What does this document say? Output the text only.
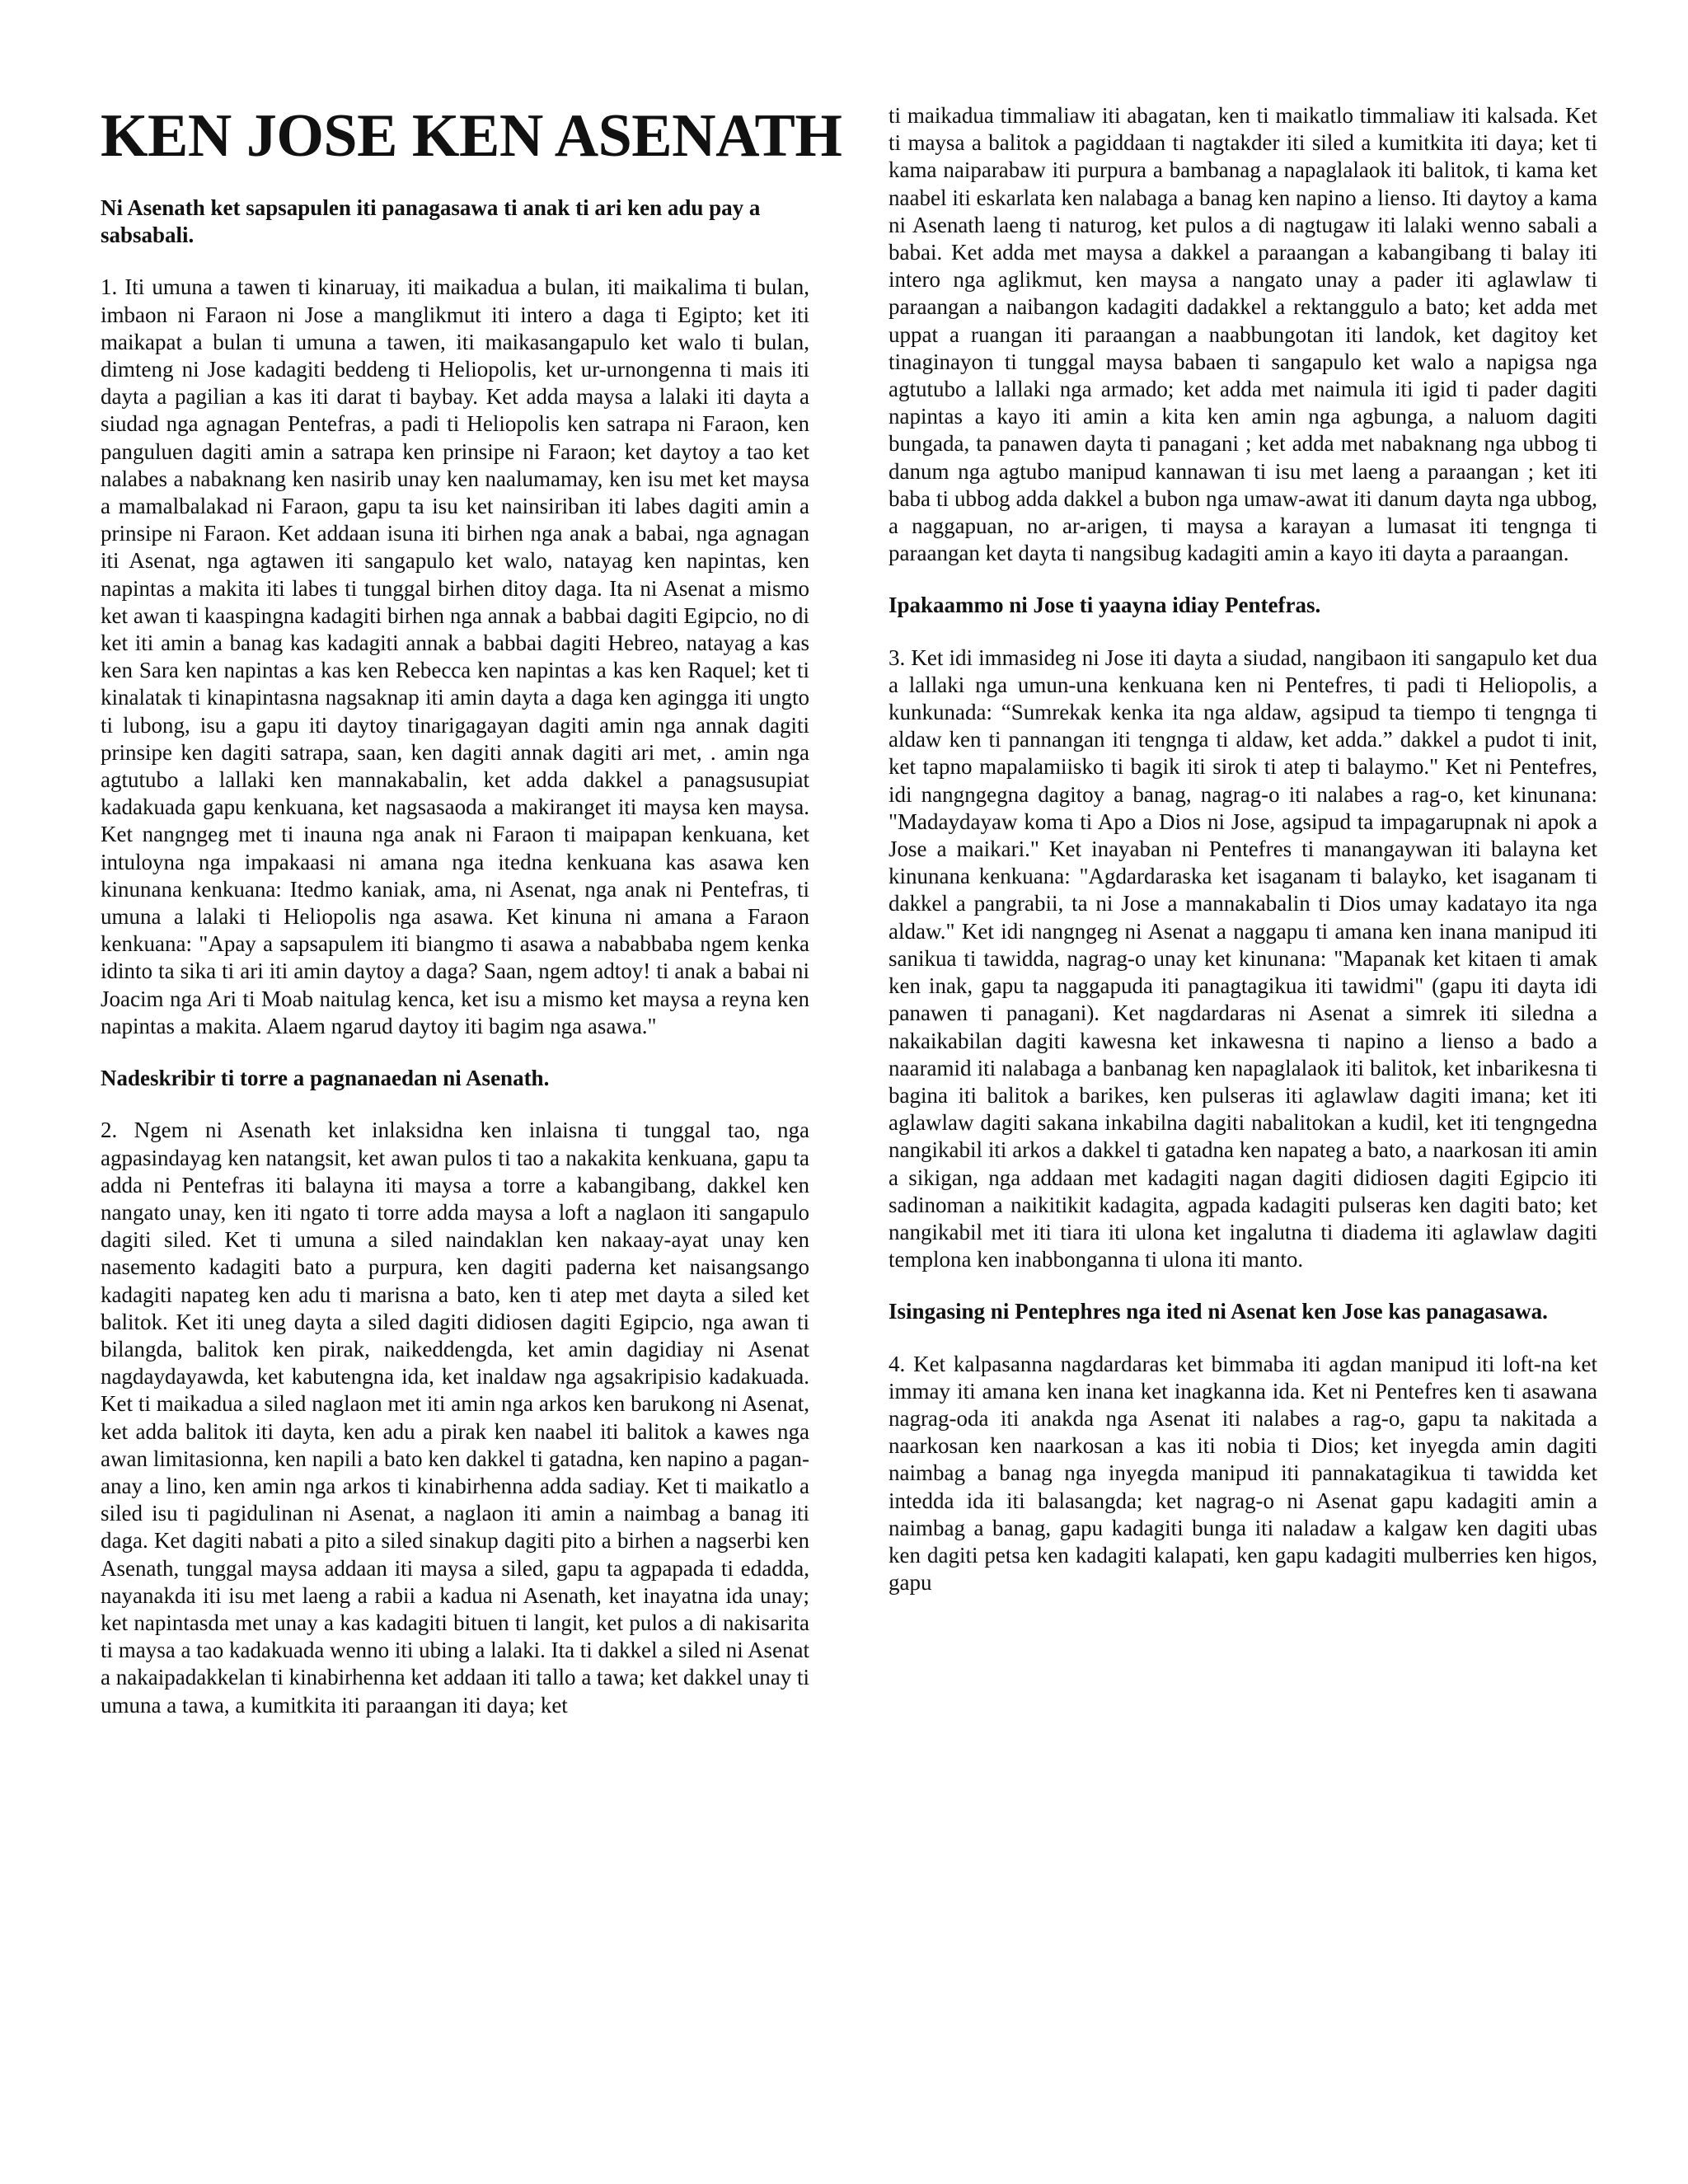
KEN JOSE KEN ASENATH
Ni Asenath ket sapsapulen iti panagasawa ti anak ti ari ken adu pay a sabsabali.
1. Iti umuna a tawen ti kinaruay, iti maikadua a bulan, iti maikalima ti bulan, imbaon ni Faraon ni Jose a manglikmut iti intero a daga ti Egipto; ket iti maikapat a bulan ti umuna a tawen, iti maikasangapulo ket walo ti bulan, dimteng ni Jose kadagiti beddeng ti Heliopolis, ket ur-urnongenna ti mais iti dayta a pagilian a kas iti darat ti baybay. Ket adda maysa a lalaki iti dayta a siudad nga agnagan Pentefras, a padi ti Heliopolis ken satrapa ni Faraon, ken panguluen dagiti amin a satrapa ken prinsipe ni Faraon; ket daytoy a tao ket nalabes a nabaknang ken nasirib unay ken naalumamay, ken isu met ket maysa a mamalbalakad ni Faraon, gapu ta isu ket nainsiriban iti labes dagiti amin a prinsipe ni Faraon. Ket addaan isuna iti birhen nga anak a babai, nga agnagan iti Asenat, nga agtawen iti sangapulo ket walo, natayag ken napintas, ken napintas a makita iti labes ti tunggal birhen ditoy daga. Ita ni Asenat a mismo ket awan ti kaaspingna kadagiti birhen nga annak a babbai dagiti Egipcio, no di ket iti amin a banag kas kadagiti annak a babbai dagiti Hebreo, natayag a kas ken Sara ken napintas a kas ken Rebecca ken napintas a kas ken Raquel; ket ti kinalatak ti kinapintasna nagsaknap iti amin dayta a daga ken agingga iti ungto ti lubong, isu a gapu iti daytoy tinarigagayan dagiti amin nga annak dagiti prinsipe ken dagiti satrapa, saan, ken dagiti annak dagiti ari met, . amin nga agtutubo a lallaki ken mannakabalin, ket adda dakkel a panagsusupiat kadakuada gapu kenkuana, ket nagsasaoda a makiranget iti maysa ken maysa. Ket nangngeg met ti inauna nga anak ni Faraon ti maipapan kenkuana, ket intuloyna nga impakaasi ni amana nga itedna kenkuana kas asawa ken kinunana kenkuana: Itedmo kaniak, ama, ni Asenat, nga anak ni Pentefras, ti umuna a lalaki ti Heliopolis nga asawa. Ket kinuna ni amana a Faraon kenkuana: "Apay a sapsapulem iti biangmo ti asawa a nababbaba ngem kenka idinto ta sika ti ari iti amin daytoy a daga? Saan, ngem adtoy! ti anak a babai ni Joacim nga Ari ti Moab naitulag kenca, ket isu a mismo ket maysa a reyna ken napintas a makita. Alaem ngarud daytoy iti bagim nga asawa."
Nadeskribir ti torre a pagnanaedan ni Asenath.
2. Ngem ni Asenath ket inlaksidna ken inlaisna ti tunggal tao, nga agpasindayag ken natangsit, ket awan pulos ti tao a nakakita kenkuana, gapu ta adda ni Pentefras iti balayna iti maysa a torre a kabangibang, dakkel ken nangato unay, ken iti ngato ti torre adda maysa a loft a naglaon iti sangapulo dagiti siled. Ket ti umuna a siled naindaklan ken nakaay-ayat unay ken nasemento kadagiti bato a purpura, ken dagiti paderna ket naisangsango kadagiti napateg ken adu ti marisna a bato, ken ti atep met dayta a siled ket balitok. Ket iti uneg dayta a siled dagiti didiosen dagiti Egipcio, nga awan ti bilangda, balitok ken pirak, naikeddengda, ket amin dagidiay ni Asenat nagdaydayawda, ket kabutengna ida, ket inaldaw nga agsakripisio kadakuada. Ket ti maikadua a siled naglaon met iti amin nga arkos ken barukong ni Asenat, ket adda balitok iti dayta, ken adu a pirak ken naabel iti balitok a kawes nga awan limitasionna, ken napili a bato ken dakkel ti gatadna, ken napino a pagan-anay a lino, ken amin nga arkos ti kinabirhenna adda sadiay. Ket ti maikatlo a siled isu ti pagidulinan ni Asenat, a naglaon iti amin a naimbag a banag iti daga. Ket dagiti nabati a pito a siled sinakup dagiti pito a birhen a nagserbi ken Asenath, tunggal maysa addaan iti maysa a siled, gapu ta agpapada ti edadda, nayanakda iti isu met laeng a rabii a kadua ni Asenath, ket inayatna ida unay; ket napintasda met unay a kas kadagiti bituen ti langit, ket pulos a di nakisarita ti maysa a tao kadakuada wenno iti ubing a lalaki. Ita ti dakkel a siled ni Asenat a nakaipadakkelan ti kinabirhenna ket addaan iti tallo a tawa; ket dakkel unay ti umuna a tawa, a kumitkita iti paraangan iti daya; ket
ti maikadua timmaliaw iti abagatan, ken ti maikatlo timmaliaw iti kalsada. Ket ti maysa a balitok a pagiddaan ti nagtakder iti siled a kumitkita iti daya; ket ti kama naiparabaw iti purpura a bambanag a napaglalaok iti balitok, ti kama ket naabel iti eskarlata ken nalabaga a banag ken napino a lienso. Iti daytoy a kama ni Asenath laeng ti naturog, ket pulos a di nagtugaw iti lalaki wenno sabali a babai. Ket adda met maysa a dakkel a paraangan a kabangibang ti balay iti intero nga aglikmut, ken maysa a nangato unay a pader iti aglawlaw ti paraangan a naibangon kadagiti dadakkel a rektanggulo a bato; ket adda met uppat a ruangan iti paraangan a naabbungotan iti landok, ket dagitoy ket tinaginayon ti tunggal maysa babaen ti sangapulo ket walo a napigsa nga agtutubo a lallaki nga armado; ket adda met naimula iti igid ti pader dagiti napintas a kayo iti amin a kita ken amin nga agbunga, a naluom dagiti bungada, ta panawen dayta ti panagani ; ket adda met nabaknang nga ubbog ti danum nga agtubo manipud kannawan ti isu met laeng a paraangan ; ket iti baba ti ubbog adda dakkel a bubon nga umaw-awat iti danum dayta nga ubbog, a naggapuan, no ar-arigen, ti maysa a karayan a lumasat iti tengnga ti paraangan ket dayta ti nangsibug kadagiti amin a kayo iti dayta a paraangan.
Ipakaammo ni Jose ti yaayna idiay Pentefras.
3. Ket idi immasideg ni Jose iti dayta a siudad, nangibaon iti sangapulo ket dua a lallaki nga umun-una kenkuana ken ni Pentefres, ti padi ti Heliopolis, a kunkunada: “Sumrekak kenka ita nga aldaw, agsipud ta tiempo ti tengnga ti aldaw ken ti pannangan iti tengnga ti aldaw, ket adda.” dakkel a pudot ti init, ket tapno mapalamiisko ti bagik iti sirok ti atep ti balaymo." Ket ni Pentefres, idi nangngegna dagitoy a banag, nagrag-o iti nalabes a rag-o, ket kinunana: "Madaydayaw koma ti Apo a Dios ni Jose, agsipud ta impagarupnak ni apok a Jose a maikari." Ket inayaban ni Pentefres ti manangaywan iti balayna ket kinunana kenkuana: "Agdardaraska ket isaganam ti balayko, ket isaganam ti dakkel a pangrabii, ta ni Jose a mannakabalin ti Dios umay kadatayo ita nga aldaw." Ket idi nangngeg ni Asenat a naggapu ti amana ken inana manipud iti sanikua ti tawidda, nagrag-o unay ket kinunana: "Mapanak ket kitaen ti amak ken inak, gapu ta naggapuda iti panagtagikua iti tawidmi" (gapu iti dayta idi panawen ti panagani). Ket nagdardaras ni Asenat a simrek iti siledna a nakaikabilan dagiti kawesna ket inkawesna ti napino a lienso a bado a naaramid iti nalabaga a banbanag ken napaglalaok iti balitok, ket inbarikesna ti bagina iti balitok a barikes, ken pulseras iti aglawlaw dagiti imana; ket iti aglawlaw dagiti sakana inkabilna dagiti nabalitokan a kudil, ket iti tengngedna nangikabil iti arkos a dakkel ti gatadna ken napateg a bato, a naarkosan iti amin a sikigan, nga addaan met kadagiti nagan dagiti didiosen dagiti Egipcio iti sadinoman a naikitikit kadagita, agpada kadagiti pulseras ken dagiti bato; ket nangikabil met iti tiara iti ulona ket ingalutna ti diadema iti aglawlaw dagiti templona ken inabbonganna ti ulona iti manto.
Isingasing ni Pentephres nga ited ni Asenat ken Jose kas panagasawa.
4. Ket kalpasanna nagdardaras ket bimmaba iti agdan manipud iti loft-na ket immay iti amana ken inana ket inagkanna ida. Ket ni Pentefres ken ti asawana nagrag-oda iti anakda nga Asenat iti nalabes a rag-o, gapu ta nakitada a naarkosan ken naarkosan a kas iti nobia ti Dios; ket inyegda amin dagiti naimbag a banag nga inyegda manipud iti pannakatagikua ti tawidda ket intedda ida iti balasangda; ket nagrag-o ni Asenat gapu kadagiti amin a naimbag a banag, gapu kadagiti bunga iti naladaw a kalgaw ken dagiti ubas ken dagiti petsa ken kadagiti kalapati, ken gapu kadagiti mulberries ken higos, gapu
